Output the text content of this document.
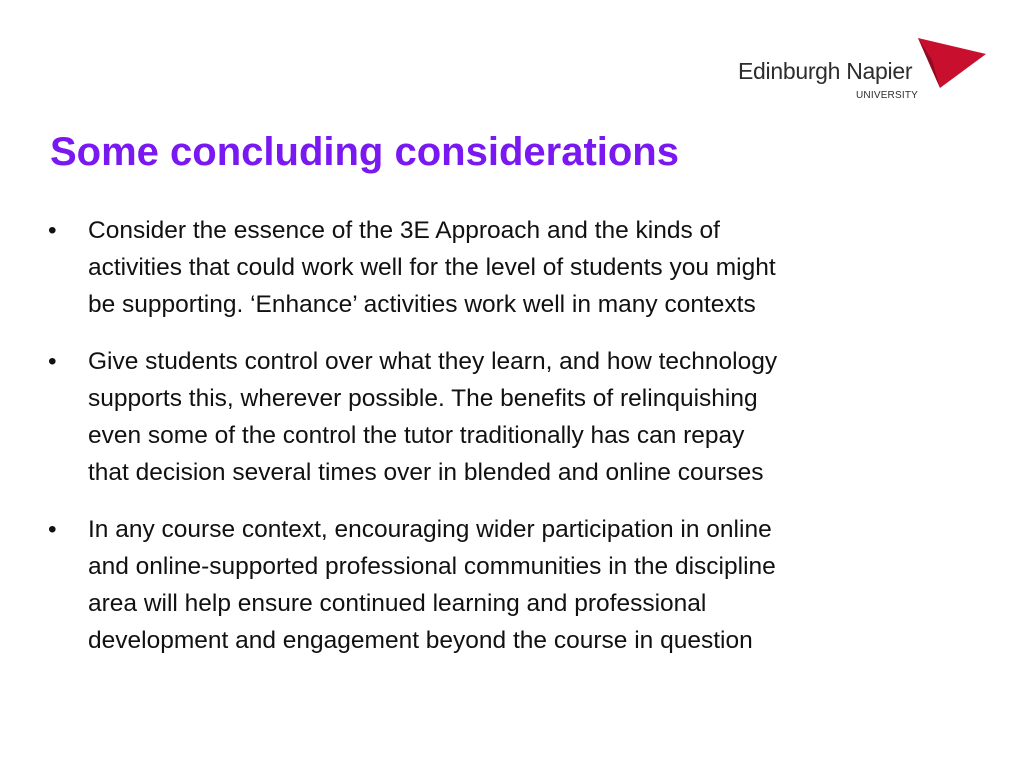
Edinburgh Napier
UNIVERSITY
Some concluding considerations
•	Consider the essence of the 3E Approach and the kinds of
activities that could work well for the level of students you might
be supporting. ‘Enhance’ activities work well in many contexts
•	Give students control over what they learn, and how technology
supports this, wherever possible. The benefits of relinquishing
even some of the control the tutor traditionally has can repay
that decision several times over in blended and online courses
•	In any course context, encouraging wider participation in online
and online-supported professional communities in the discipline
area will help ensure continued learning and professional
development and engagement beyond the course in question
